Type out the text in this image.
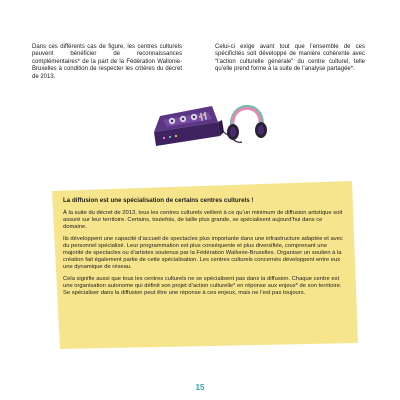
Dans ces différents cas de figure, les centres culturels peuvent bénéficier de reconnaissances complémentaires* de la part de la Fédération Wallonie-Bruxelles à condition de respecter les critères du décret de 2013.
Celui-ci exige avant tout que l’ensemble de ces spécificités soit développé de manière cohérente avec “l’action culturelle générale” du centre culturel, telle qu’elle prend forme à la suite de l’analyse partagée*.

La diffusion est une spécialisation de certains centres culturels !

À la suite du décret de 2013, tous les centres culturels veillent à ce qu’un minimum de diffusion artistique soit assuré sur leur territoire. Certains, toutefois, de taille plus grande, se spécialisent aujourd’hui dans ce domaine.

Ils développent une capacité d’accueil de spectacles plus importante dans une infrastructure adaptée et avec du personnel spécialisé. Leur programmation est plus conséquente et plus diversifiée, comprenant une majorité de spectacles ou d’artistes soutenus par la Fédération Wallonie-Bruxelles. Organiser un soutien à la création fait également partie de cette spécialisation. Les centres culturels concernés développent entre eux une dynamique de réseau.

Cela signifie aussi que tous les centres culturels ne se spécialisent pas dans la diffusion. Chaque centre est une organisation autonome qui définit son projet d’action culturelle* en réponse aux enjeux* de son territoire. Se spécialiser dans la diffusion peut être une réponse à ces enjeux, mais ne l’est pas toujours.

15
